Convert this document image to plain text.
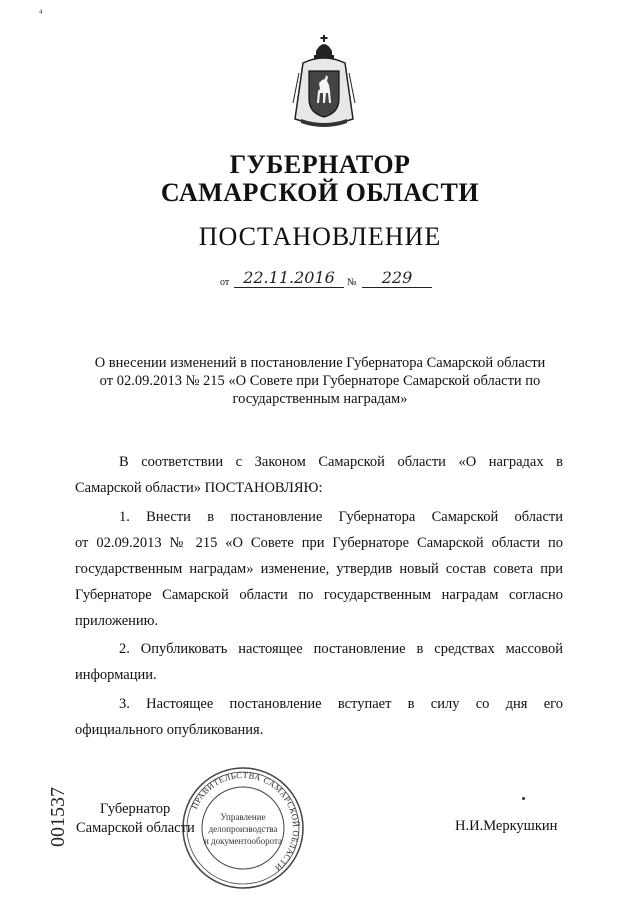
⁴
ГУБЕРНАТОР
САМАРСКОЙ ОБЛАСТИ
ПОСТАНОВЛЕНИЕ
от 22.11.2016	№	229
О внесении изменений в постановление Губернатора Самарской области
от 02.09.2013 № 215 «О Совете при Губернаторе Самарской области по
государственным наградам»
В соответствии с Законом Самарской области «О наградах в
Самарской области» ПОСТАНОВЛЯЮ:
1. Внести в постановление Губернатора Самарской области
от 02.09.2013 № 215 «О Совете при Губернаторе Самарской области по
государственным наградам» изменение, утвердив новый состав совета при
Губернаторе Самарской области по государственным наградам согласно
приложению.
2. Опубликовать настоящее постановление в средствах массовой
информации.
3. Настоящее постановление вступает в силу со дня его
официального опубликования.
001537	ПРАВИТЕЛЬСТВА САМАРСКОЙ ОБЛАСТИ
Управление
делопроизводства
и документооборота
Губернатор
Самарской области	Н.И.Меркушкин
